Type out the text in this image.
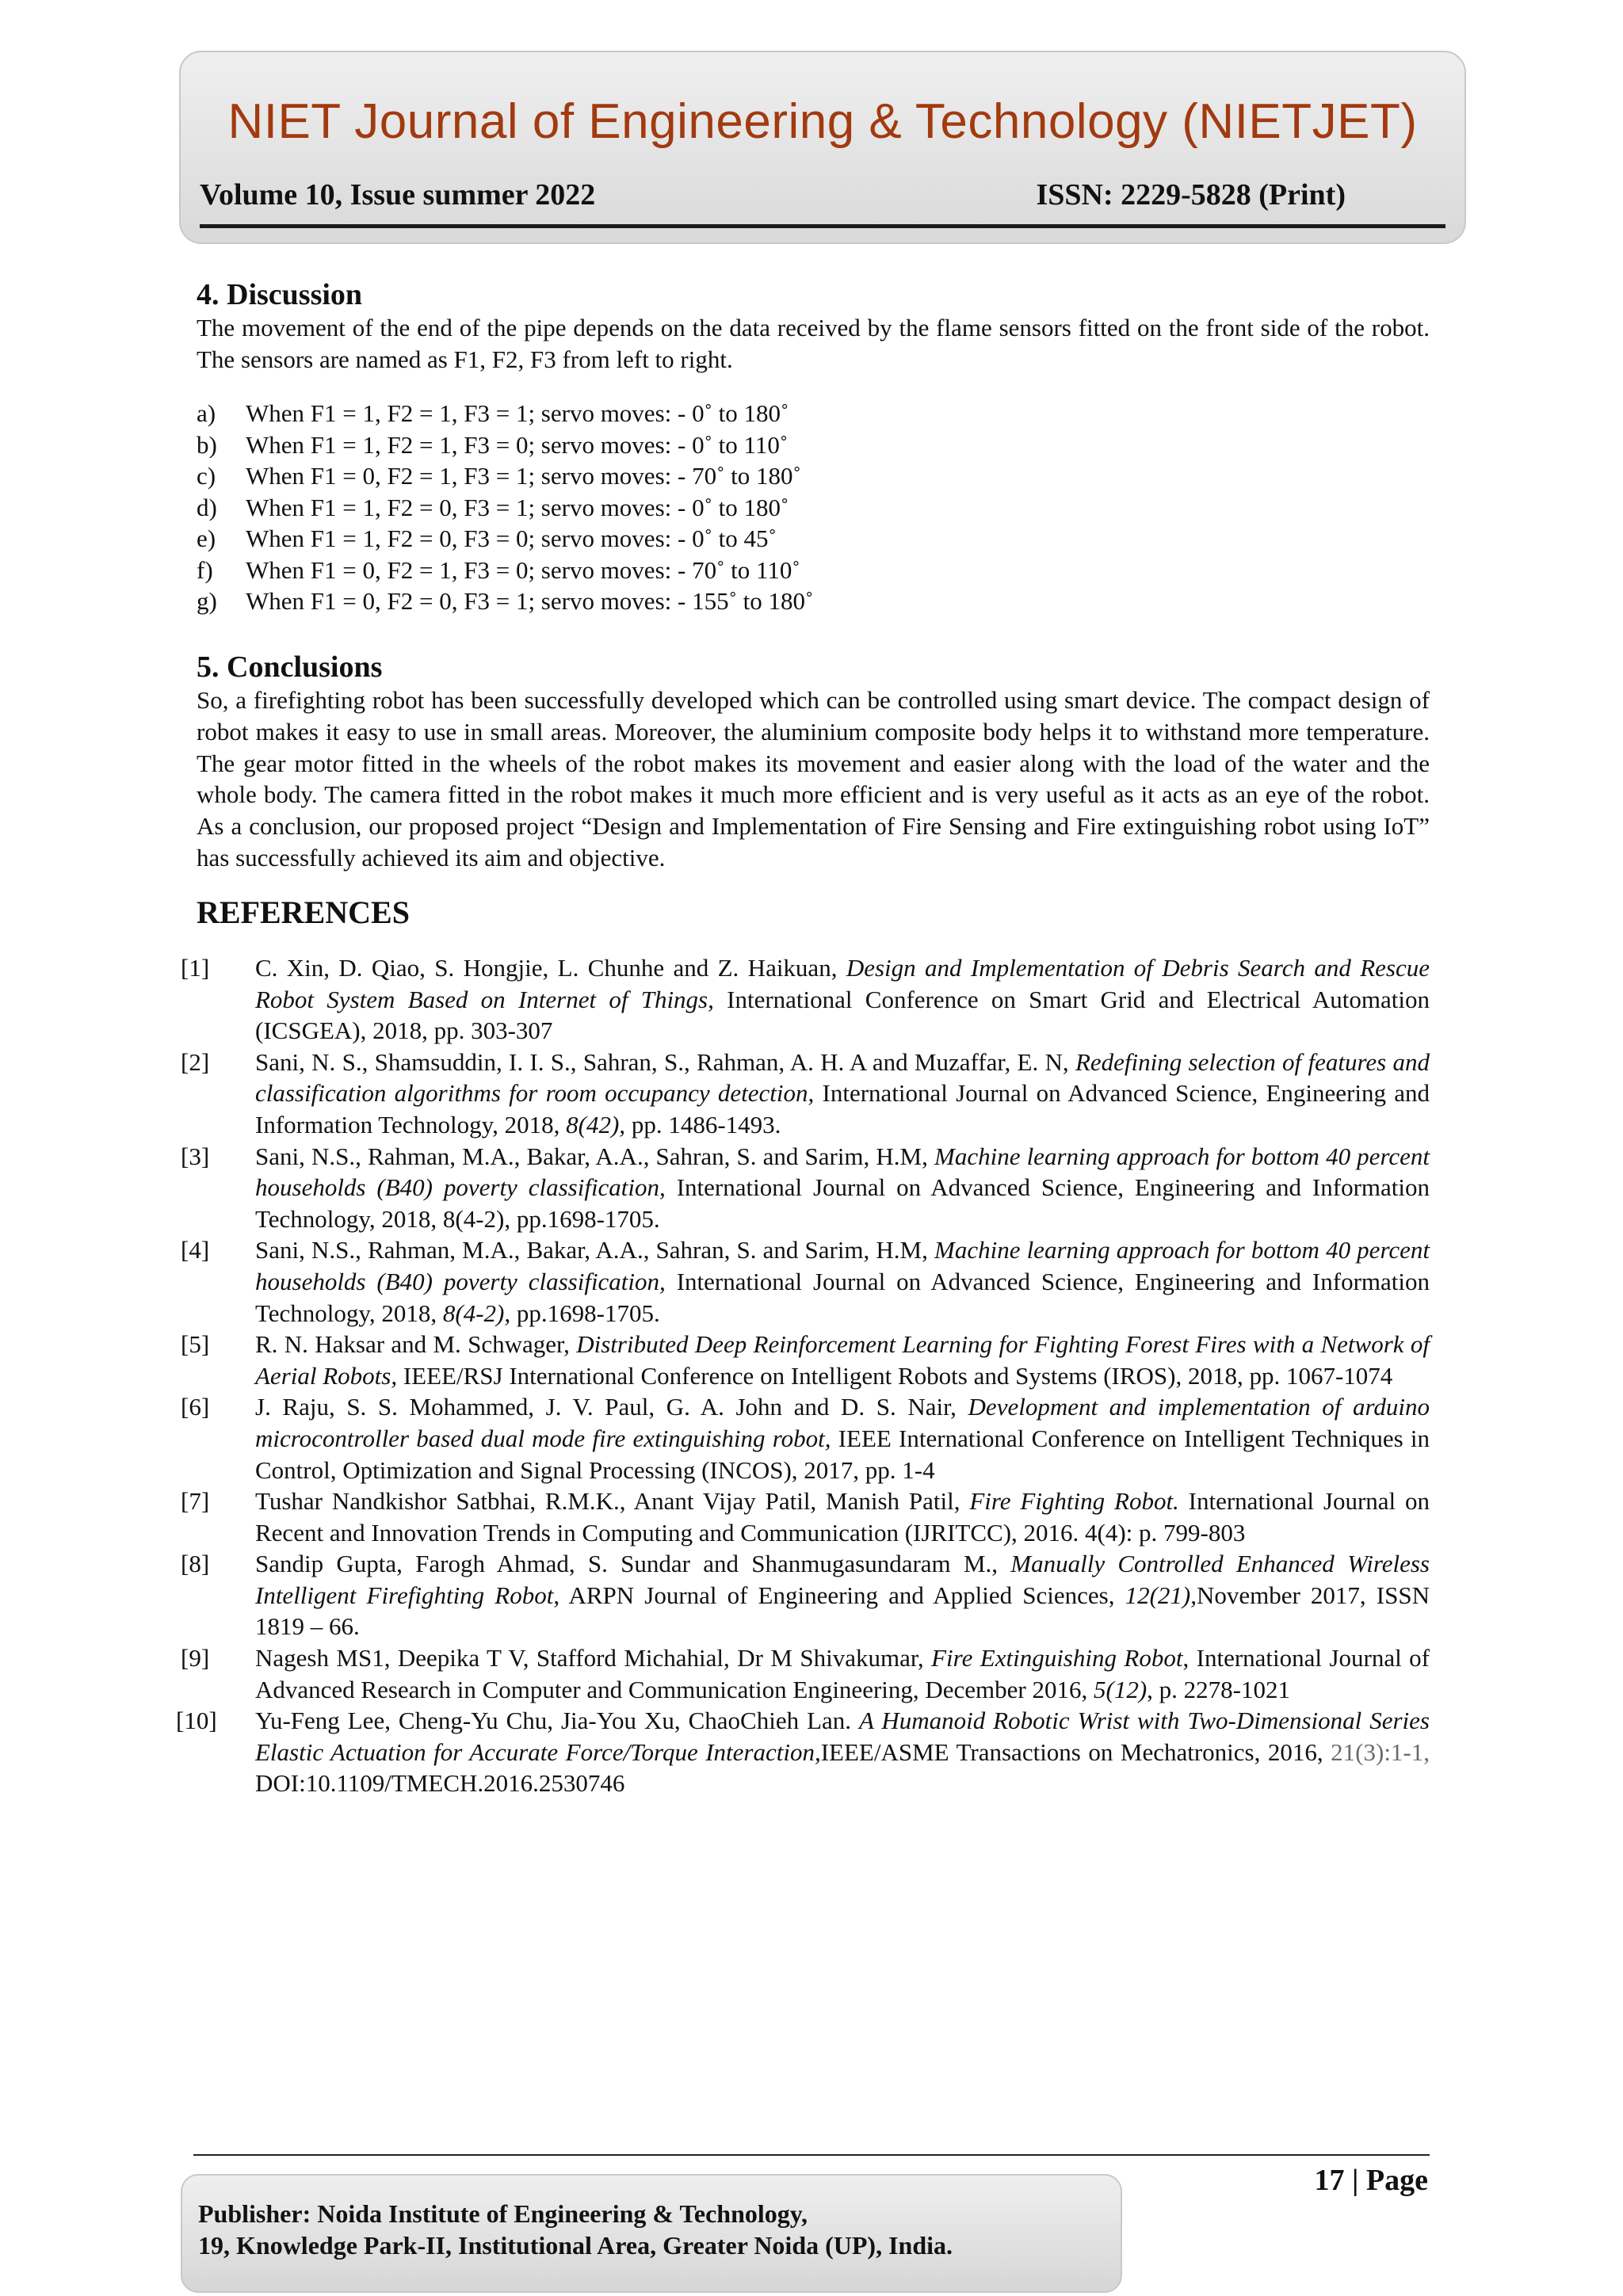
NIET Journal of Engineering & Technology (NIETJET)
Volume 10, Issue summer 2022	ISSN: 2229-5828 (Print)
4. Discussion
The movement of the end of the pipe depends on the data received by the flame sensors fitted on the front side of the robot. The sensors are named as F1, F2, F3 from left to right.
a) When F1 = 1, F2 = 1, F3 = 1; servo moves: - 0˚ to 180˚
b) When F1 = 1, F2 = 1, F3 = 0; servo moves: - 0˚ to 110˚
c) When F1 = 0, F2 = 1, F3 = 1; servo moves: - 70˚ to 180˚
d) When F1 = 1, F2 = 0, F3 = 1; servo moves: - 0˚ to 180˚
e) When F1 = 1, F2 = 0, F3 = 0; servo moves: - 0˚ to 45˚
f) When F1 = 0, F2 = 1, F3 = 0; servo moves: - 70˚ to 110˚
g) When F1 = 0, F2 = 0, F3 = 1; servo moves: - 155˚ to 180˚
5. Conclusions
So, a firefighting robot has been successfully developed which can be controlled using smart device. The compact design of robot makes it easy to use in small areas. Moreover, the aluminium composite body helps it to withstand more temperature. The gear motor fitted in the wheels of the robot makes its movement and easier along with the load of the water and the whole body. The camera fitted in the robot makes it much more efficient and is very useful as it acts as an eye of the robot. As a conclusion, our proposed project “Design and Implementation of Fire Sensing and Fire extinguishing robot using IoT” has successfully achieved its aim and objective.
REFERENCES
[1]	C. Xin, D. Qiao, S. Hongjie, L. Chunhe and Z. Haikuan, Design and Implementation of Debris Search and Rescue Robot System Based on Internet of Things, International Conference on Smart Grid and Electrical Automation (ICSGEA), 2018, pp. 303-307
[2]	Sani, N. S., Shamsuddin, I. I. S., Sahran, S., Rahman, A. H. A and Muzaffar, E. N, Redefining selection of features and classification algorithms for room occupancy detection, International Journal on Advanced Science, Engineering and Information Technology, 2018, 8(42), pp. 1486-1493.
[3]	Sani, N.S., Rahman, M.A., Bakar, A.A., Sahran, S. and Sarim, H.M, Machine learning approach for bottom 40 percent households (B40) poverty classification, International Journal on Advanced Science, Engineering and Information Technology, 2018, 8(4-2), pp.1698-1705.
[4]	Sani, N.S., Rahman, M.A., Bakar, A.A., Sahran, S. and Sarim, H.M, Machine learning approach for bottom 40 percent households (B40) poverty classification, International Journal on Advanced Science, Engineering and Information Technology, 2018, 8(4-2), pp.1698-1705.
[5]	R. N. Haksar and M. Schwager, Distributed Deep Reinforcement Learning for Fighting Forest Fires with a Network of Aerial Robots, IEEE/RSJ International Conference on Intelligent Robots and Systems (IROS), 2018, pp. 1067-1074
[6]	J. Raju, S. S. Mohammed, J. V. Paul, G. A. John and D. S. Nair, Development and implementation of arduino microcontroller based dual mode fire extinguishing robot, IEEE International Conference on Intelligent Techniques in Control, Optimization and Signal Processing (INCOS), 2017, pp. 1-4
[7]	Tushar Nandkishor Satbhai, R.M.K., Anant Vijay Patil, Manish Patil, Fire Fighting Robot. International Journal on Recent and Innovation Trends in Computing and Communication (IJRITCC), 2016. 4(4): p. 799-803
[8]	Sandip Gupta, Farogh Ahmad, S. Sundar and Shanmugasundaram M., Manually Controlled Enhanced Wireless Intelligent Firefighting Robot, ARPN Journal of Engineering and Applied Sciences, 12(21),November 2017, ISSN 1819 – 66.
[9]	Nagesh MS1, Deepika T V, Stafford Michahial, Dr M Shivakumar, Fire Extinguishing Robot, International Journal of Advanced Research in Computer and Communication Engineering, December 2016, 5(12), p. 2278-1021
[10]	Yu-Feng Lee, Cheng-Yu Chu, Jia-You Xu, ChaoChieh Lan. A Humanoid Robotic Wrist with Two-Dimensional Series Elastic Actuation for Accurate Force/Torque Interaction,IEEE/ASME Transactions on Mechatronics, 2016, 21(3):1-1, DOI:10.1109/TMECH.2016.2530746
17 | Page
Publisher: Noida Institute of Engineering & Technology,
19, Knowledge Park-II, Institutional Area, Greater Noida (UP), India.
